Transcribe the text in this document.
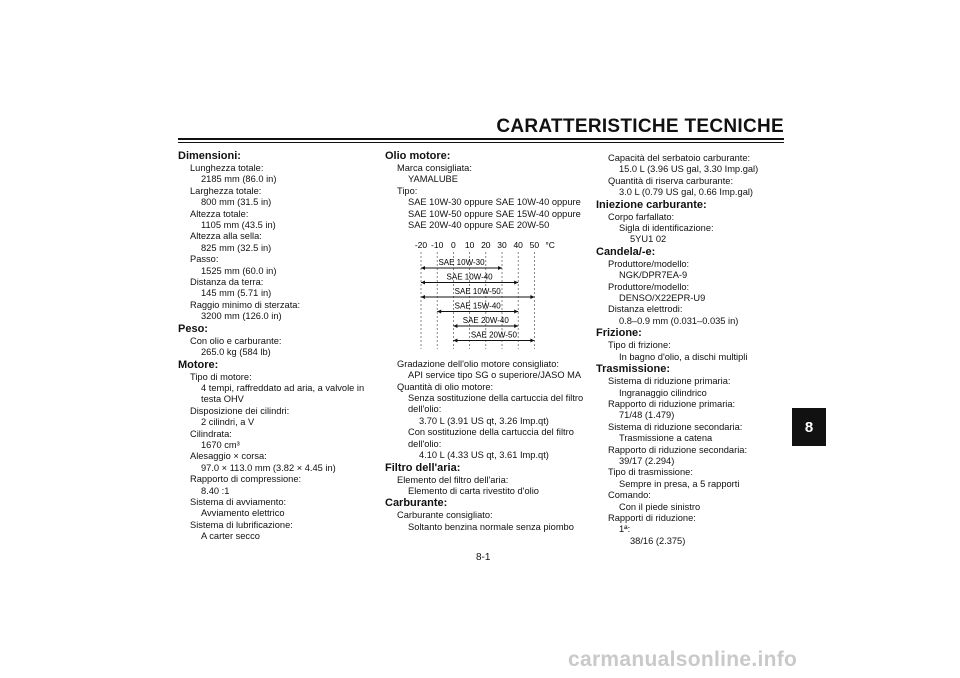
CARATTERISTICHE TECNICHE
Dimensioni:
Lunghezza totale:
2185 mm (86.0 in)
Larghezza totale:
800 mm (31.5 in)
Altezza totale:
1105 mm (43.5 in)
Altezza alla sella:
825 mm (32.5 in)
Passo:
1525 mm (60.0 in)
Distanza da terra:
145 mm (5.71 in)
Raggio minimo di sterzata:
3200 mm (126.0 in)
Peso:
Con olio e carburante:
265.0 kg (584 lb)
Motore:
Tipo di motore:
4 tempi, raffreddato ad aria, a valvole in
testa OHV
Disposizione dei cilindri:
2 cilindri, a V
Cilindrata:
1670 cm³
Alesaggio × corsa:
97.0 × 113.0 mm (3.82 × 4.45 in)
Rapporto di compressione:
8.40 :1
Sistema di avviamento:
Avviamento elettrico
Sistema di lubrificazione:
A carter secco
Olio motore:
Marca consigliata:
YAMALUBE
Tipo:
SAE 10W-30 oppure SAE 10W-40 oppure
SAE 10W-50 oppure SAE 15W-40 oppure
SAE 20W-40 oppure SAE 20W-50
-20 -10 0 10 20 30 40 50 °C
SAE 10W-30
SAE 10W-40
SAE 10W-50
SAE 15W-40
SAE 20W-40
SAE 20W-50
Gradazione dell'olio motore consigliato:
API service tipo SG o superiore/JASO MA
Quantità di olio motore:
Senza sostituzione della cartuccia del filtro
dell'olio:
3.70 L (3.91 US qt, 3.26 Imp.qt)
Con sostituzione della cartuccia del filtro
dell'olio:
4.10 L (4.33 US qt, 3.61 Imp.qt)
Filtro dell'aria:
Elemento del filtro dell'aria:
Elemento di carta rivestito d'olio
Carburante:
Carburante consigliato:
Soltanto benzina normale senza piombo
Capacità del serbatoio carburante:
15.0 L (3.96 US gal, 3.30 Imp.gal)
Quantità di riserva carburante:
3.0 L (0.79 US gal, 0.66 Imp.gal)
Iniezione carburante:
Corpo farfallato:
Sigla di identificazione:
5YU1 02
Candela/-e:
Produttore/modello:
NGK/DPR7EA-9
Produttore/modello:
DENSO/X22EPR-U9
Distanza elettrodi:
0.8–0.9 mm (0.031–0.035 in)
Frizione:
Tipo di frizione:
In bagno d'olio, a dischi multipli
Trasmissione:
Sistema di riduzione primaria:
Ingranaggio cilindrico
Rapporto di riduzione primaria:
71/48 (1.479)
Sistema di riduzione secondaria:
Trasmissione a catena
Rapporto di riduzione secondaria:
39/17 (2.294)
Tipo di trasmissione:
Sempre in presa, a 5 rapporti
Comando:
Con il piede sinistro
Rapporti di riduzione:
1ª:
38/16 (2.375)
8
8-1
carmanualsonline.info
